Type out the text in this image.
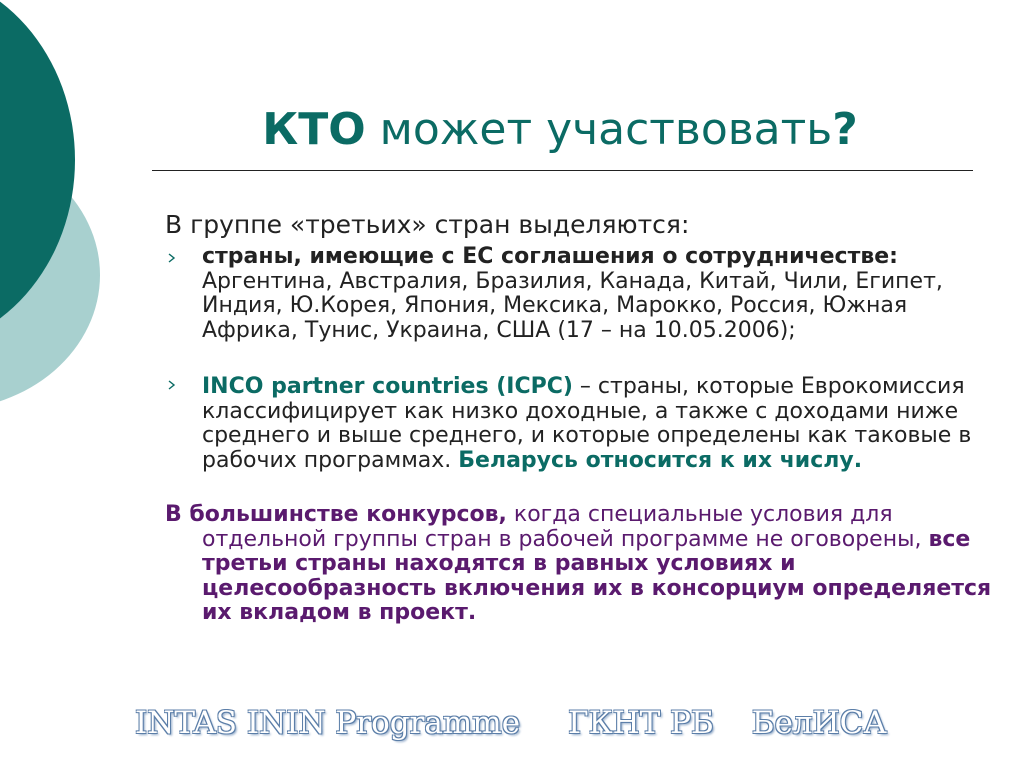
КТО может участвовать?
В группе «третьих» стран выделяются:
страны, имеющие с ЕС соглашения о сотрудничестве: Аргентина, Австралия, Бразилия, Канада, Китай, Чили, Египет, Индия, Ю.Корея, Япония, Мексика, Марокко, Россия, Южная Африка, Тунис, Украина, США (17 – на 10.05.2006);
INCO partner countries (ICPC) – страны, которые Еврокомиссия классифицирует как низко доходные, а также с доходами ниже среднего и выше среднего, и которые определены как таковые в рабочих программах. Беларусь относится к их числу.
В большинстве конкурсов, когда специальные условия для отдельной группы стран в рабочей программе не оговорены, все третьи страны находятся в равных условиях и целесообразность включения их в консорциум определяется их вкладом в проект.
INTAS ININ Programme ГКНТ РБ БелИСА
